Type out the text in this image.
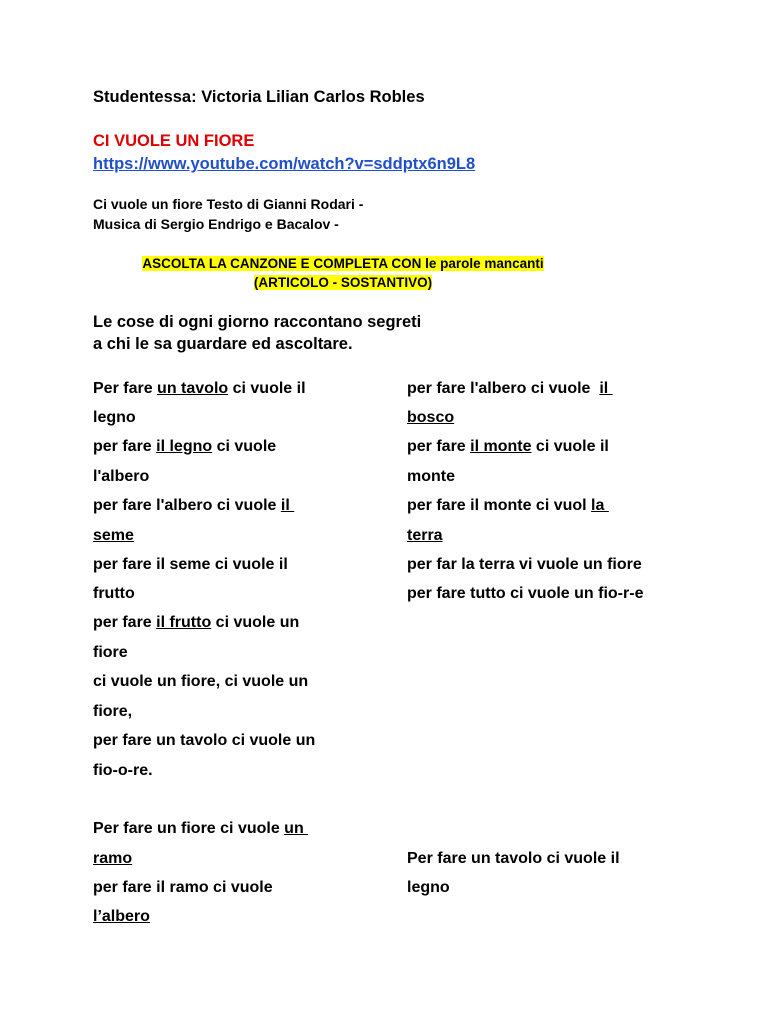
Studentessa: Victoria Lilian Carlos Robles
CI VUOLE UN FIORE
https://www.youtube.com/watch?v=sddptx6n9L8
Ci vuole un fiore Testo di Gianni Rodari -
Musica di Sergio Endrigo e Bacalov -
ASCOLTA LA CANZONE E COMPLETA CON le parole mancanti
(ARTICOLO - SOSTANTIVO)
Le cose di ogni giorno raccontano segreti
a chi le sa guardare ed ascoltare.
Per fare un tavolo ci vuole il
legno
per fare il legno ci vuole
l'albero
per fare l'albero ci vuole il
seme
per fare il seme ci vuole il
frutto
per fare il frutto ci vuole un
fiore
ci vuole un fiore, ci vuole un
fiore,
per fare un tavolo ci vuole un
fio-o-re.
per fare l'albero ci vuole  il
bosco
per fare il monte ci vuole il
monte
per fare il monte ci vuol la
terra
per far la terra vi vuole un fiore
per fare tutto ci vuole un fio-r-e
Per fare un fiore ci vuole un
ramo
per fare il ramo ci vuole
l’albero
Per fare un tavolo ci vuole il
legno
